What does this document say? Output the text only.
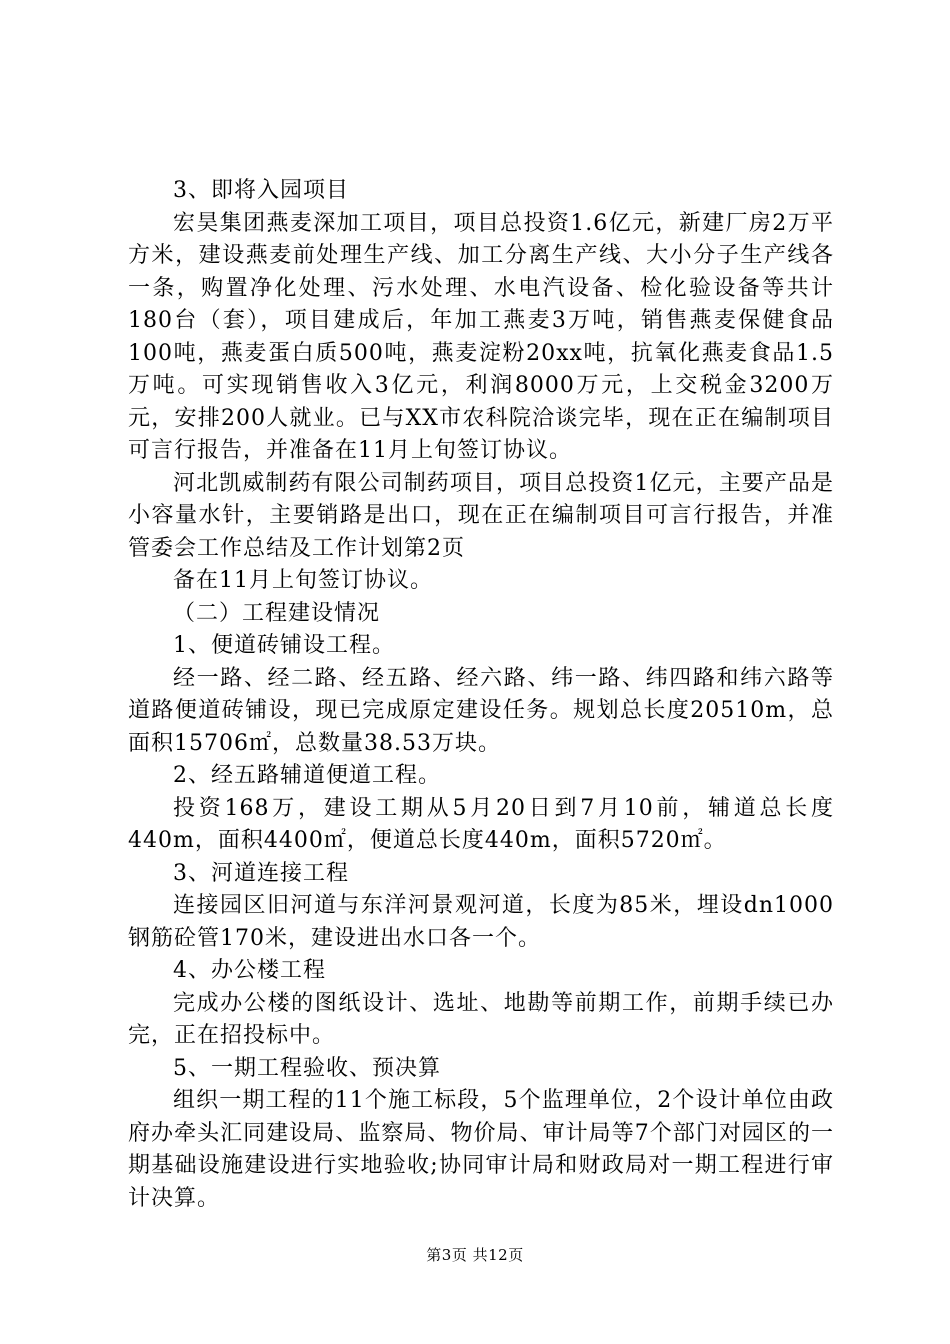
3、即将入园项目

宏昊集团燕麦深加工项目，项目总投资1.6亿元，新建厂房2万平方米，建设燕麦前处理生产线、加工分离生产线、大小分子生产线各一条，购置净化处理、污水处理、水电汽设备、检化验设备等共计180台（套），项目建成后，年加工燕麦3万吨，销售燕麦保健食品100吨，燕麦蛋白质500吨，燕麦淀粉20xx吨，抗氧化燕麦食品1.5万吨。可实现销售收入3亿元，利润8000万元，上交税金3200万元，安排200人就业。已与XX市农科院洽谈完毕，现在正在编制项目可言行报告，并准备在11月上旬签订协议。

河北凯威制药有限公司制药项目，项目总投资1亿元，主要产品是小容量水针，主要销路是出口，现在正在编制项目可言行报告，并准管委会工作总结及工作计划第2页

备在11月上旬签订协议。

（二）工程建设情况

1、便道砖铺设工程。

经一路、经二路、经五路、经六路、纬一路、纬四路和纬六路等道路便道砖铺设，现已完成原定建设任务。规划总长度20510m，总面积15706㎡，总数量38.53万块。

2、经五路辅道便道工程。

投资168万，建设工期从5月20日到7月10前，辅道总长度440m，面积4400㎡，便道总长度440m，面积5720㎡。

3、河道连接工程

连接园区旧河道与东洋河景观河道，长度为85米，埋设dn1000钢筋砼管170米，建设进出水口各一个。

4、办公楼工程

完成办公楼的图纸设计、选址、地勘等前期工作，前期手续已办完，正在招投标中。

5、一期工程验收、预决算

组织一期工程的11个施工标段，5个监理单位，2个设计单位由政府办牵头汇同建设局、监察局、物价局、审计局等7个部门对园区的一期基础设施建设进行实地验收;协同审计局和财政局对一期工程进行审计决算。

第3页 共12页
